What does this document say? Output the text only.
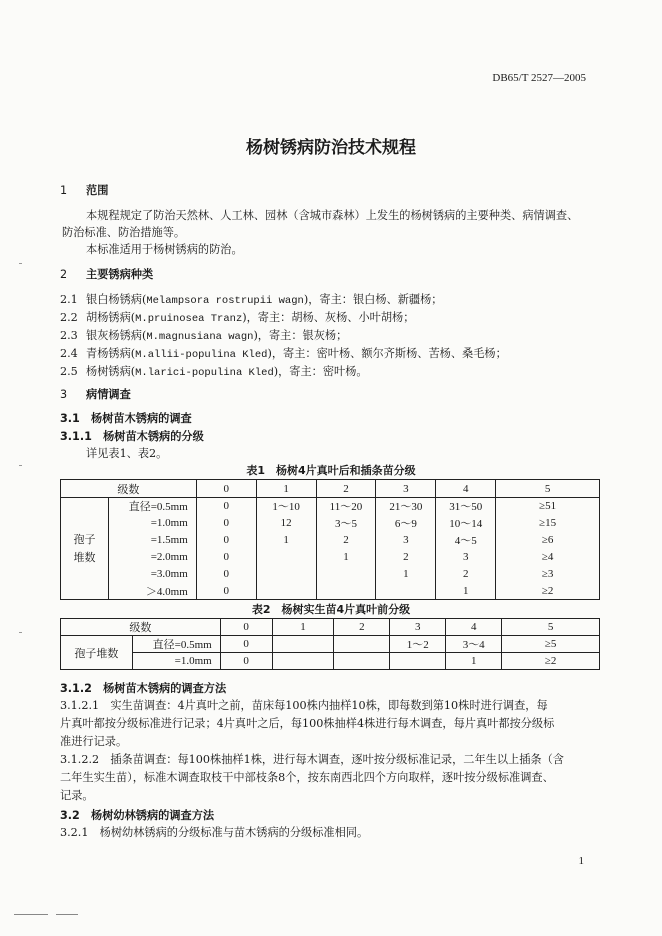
DB65/T 2527—2005

杨树锈病防治技术规程

1 范围

本规程规定了防治天然林、人工林、园林（含城市森林）上发生的杨树锈病的主要种类、病情调查、

防治标准、防治措施等。

本标准适用于杨树锈病的防治。

2 主要锈病种类

2.1 银白杨锈病(Melampsora rostrupii wagn)，寄主：银白杨、新疆杨；

2.2 胡杨锈病(M.pruinosea Tranz)，寄主：胡杨、灰杨、小叶胡杨；

2.3 银灰杨锈病(M.magnusiana wagn)，寄主：银灰杨；

2.4 青杨锈病(M.allii-populina Kled)，寄主：密叶杨、额尔齐斯杨、苦杨、桑毛杨；

2.5 杨树锈病(M.larici-populina Kled)，寄主：密叶杨。

3 病情调查

3.1　 杨树苗木锈病的调查

3.1.1　 杨树苗木锈病的分级

详见表1、表2。

表1　杨树4片真叶后和插条苗分级

级数		0	1	2	3	4	5
孢子
堆数	直径=0.5mm	0	1～10	11～20	21～30	31～50	≥51
	=1.0mm	0	12	3～5	6～9	10～14	≥15
	=1.5mm	0	1	2	3	4～5	≥6
	=2.0mm	0		1	2	3	≥4
	=3.0mm	0			1	2	≥3
	＞4.0mm	0				1	≥2

表2　杨树实生苗4片真叶前分级

级数		0	1	2	3	4	5
孢子堆数	直径=0.5mm	0			1～2	3～4	≥5
	=1.0mm	0				1	≥2

3.1.2　 杨树苗木锈病的调查方法

3.1.2.1　 实生苗调查：4片真叶之前，苗床每100株内抽样10株，即每数到第10株时进行调查，每

片真叶都按分级标准进行记录；4片真叶之后，每100株抽样4株进行每木调查，每片真叶都按分级标

准进行记录。

3.1.2.2　 插条苗调查：每100株抽样1株，进行每木调查，逐叶按分级标准记录，二年生以上插条（含

二年生实生苗），标准木调查取枝干中部枝条8个，按东南西北四个方向取样，逐叶按分级标准调查、

记录。

3.2　 杨树幼林锈病的调查方法

3.2.1　 杨树幼林锈病的分级标准与苗木锈病的分级标准相同。

1
